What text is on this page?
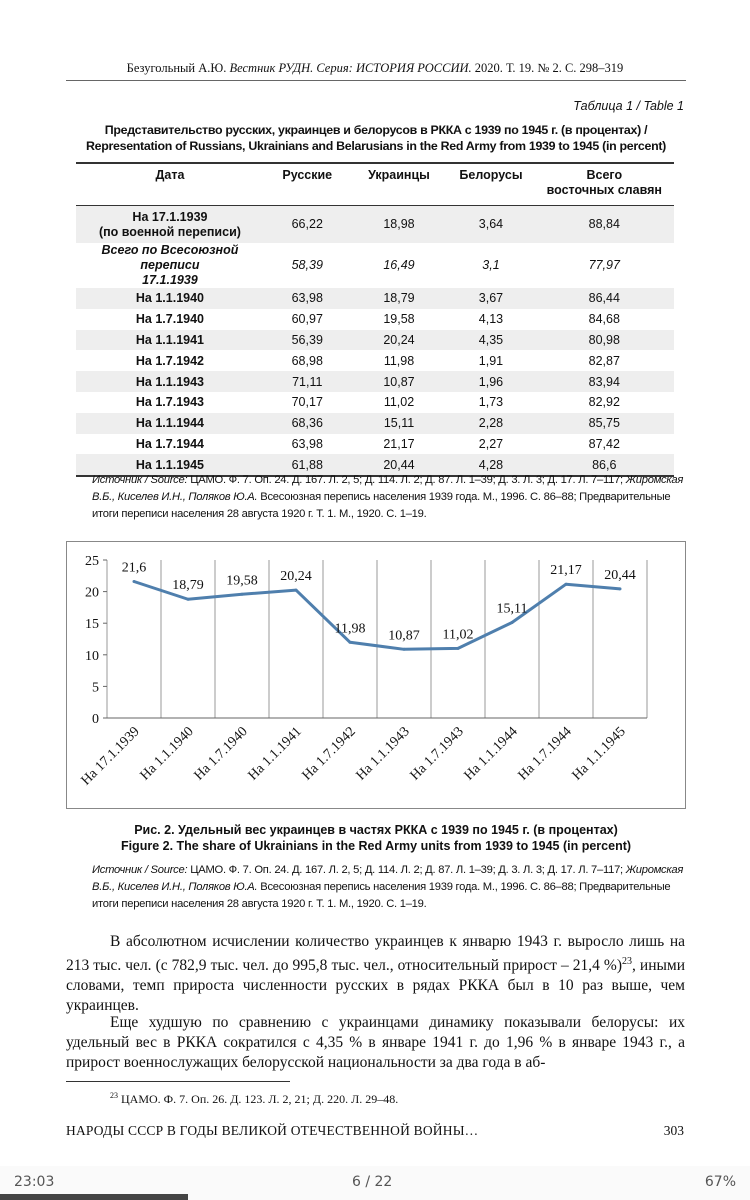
Безугольный А.Ю. Вестник РУДН. Серия: ИСТОРИЯ РОССИИ. 2020. Т. 19. № 2. С. 298–319
Таблица 1 / Table 1
Представительство русских, украинцев и белорусов в РККА с 1939 по 1945 г. (в процентах) /
Representation of Russians, Ukrainians and Belarusians in the Red Army from 1939 to 1945 (in percent)
Дата	Русские	Украинцы	Белорусы	Всего
восточных славян
На 17.1.1939
(по военной переписи)	66,22	18,98	3,64	88,84
Всего по Всесоюзной переписи
17.1.1939	58,39	16,49	3,1	77,97
На 1.1.1940	63,98	18,79	3,67	86,44
На 1.7.1940	60,97	19,58	4,13	84,68
На 1.1.1941	56,39	20,24	4,35	80,98
На 1.7.1942	68,98	11,98	1,91	82,87
На 1.1.1943	71,11	10,87	1,96	83,94
На 1.7.1943	70,17	11,02	1,73	82,92
На 1.1.1944	68,36	15,11	2,28	85,75
На 1.7.1944	63,98	21,17	2,27	87,42
На 1.1.1945	61,88	20,44	4,28	86,6
Источник / Source: ЦАМО. Ф. 7. Оп. 24. Д. 167. Л. 2, 5; Д. 114. Л. 2; Д. 87. Л. 1–39; Д. 3. Л. 3; Д. 17. Л. 7–117; Жиромская В.Б., Киселев И.Н., Поляков Ю.А. Всесоюзная перепись населения 1939 года. М., 1996. С. 86–88; Предварительные итоги переписи населения 28 августа 1920 г. Т. 1. М., 1920. С. 1–19.
0
5
10
15
20
25 21,6
18,79 19,58 20,24
11,98 10,87 11,02
15,11
21,17 20,44
На 17.1.1939
На 1.1.1940
На 1.7.1940
На 1.1.1941
На 1.7.1942
На 1.1.1943
На 1.7.1943
На 1.1.1944
На 1.7.1944
На 1.1.1945
Рис. 2. Удельный вес украинцев в частях РККА с 1939 по 1945 г. (в процентах)
Figure 2. The share of Ukrainians in the Red Army units from 1939 to 1945 (in percent)
Источник / Source: ЦАМО. Ф. 7. Оп. 24. Д. 167. Л. 2, 5; Д. 114. Л. 2; Д. 87. Л. 1–39; Д. 3. Л. 3; Д. 17. Л. 7–117; Жиромская В.Б., Киселев И.Н., Поляков Ю.А. Всесоюзная перепись населения 1939 года. М., 1996. С. 86–88; Предварительные итоги переписи населения 28 августа 1920 г. Т. 1. М., 1920. С. 1–19.
В абсолютном исчислении количество украинцев к январю 1943 г. выросло лишь на 213 тыс. чел. (с 782,9 тыс. чел. до 995,8 тыс. чел., относительный прирост – 21,4 %)$^{23}$, иными словами, темп прироста численности русских в рядах РККА был в 10 раз выше, чем украинцев.
Еще худшую по сравнению с украинцами динамику показывали белорусы: их удельный вес в РККА сократился с 4,35 % в январе 1941 г. до 1,96 % в январе 1943 г., а прирост военнослужащих белорусской национальности за два года в аб-
$^{23}$ ЦАМО. Ф. 7. Оп. 26. Д. 123. Л. 2, 21; Д. 220. Л. 29–48.
НАРОДЫ СССР В ГОДЫ ВЕЛИКОЙ ОТЕЧЕСТВЕННОЙ ВОЙНЫ…	303
23:03	6 / 22	67%
